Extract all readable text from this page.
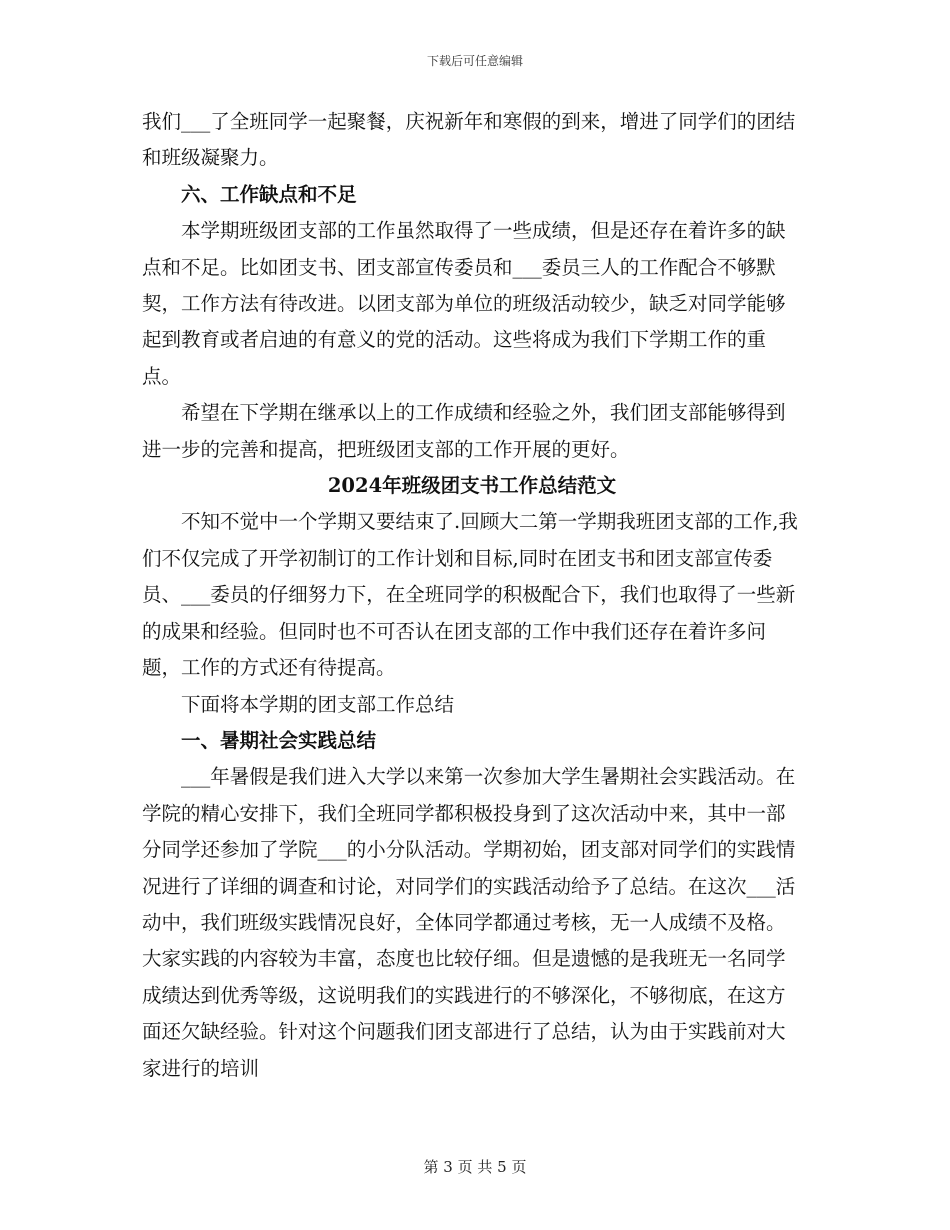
下载后可任意编辑

我们___了全班同学一起聚餐，庆祝新年和寒假的到来，增进了同学们的团结和班级凝聚力。

六、工作缺点和不足

本学期班级团支部的工作虽然取得了一些成绩，但是还存在着许多的缺点和不足。比如团支书、团支部宣传委员和___委员三人的工作配合不够默契，工作方法有待改进。以团支部为单位的班级活动较少，缺乏对同学能够起到教育或者启迪的有意义的党的活动。这些将成为我们下学期工作的重点。

希望在下学期在继承以上的工作成绩和经验之外，我们团支部能够得到进一步的完善和提高，把班级团支部的工作开展的更好。

2024年班级团支书工作总结范文

不知不觉中一个学期又要结束了.回顾大二第一学期我班团支部的工作,我们不仅完成了开学初制订的工作计划和目标,同时在团支书和团支部宣传委员、___委员的仔细努力下，在全班同学的积极配合下，我们也取得了一些新的成果和经验。但同时也不可否认在团支部的工作中我们还存在着许多问题，工作的方式还有待提高。

下面将本学期的团支部工作总结

一、暑期社会实践总结

___年暑假是我们进入大学以来第一次参加大学生暑期社会实践活动。在学院的精心安排下，我们全班同学都积极投身到了这次活动中来，其中一部分同学还参加了学院___的小分队活动。学期初始，团支部对同学们的实践情况进行了详细的调查和讨论，对同学们的实践活动给予了总结。在这次___活动中，我们班级实践情况良好，全体同学都通过考核，无一人成绩不及格。大家实践的内容较为丰富，态度也比较仔细。但是遗憾的是我班无一名同学成绩达到优秀等级，这说明我们的实践进行的不够深化，不够彻底，在这方面还欠缺经验。针对这个问题我们团支部进行了总结，认为由于实践前对大家进行的培训

第 3 页 共 5 页
